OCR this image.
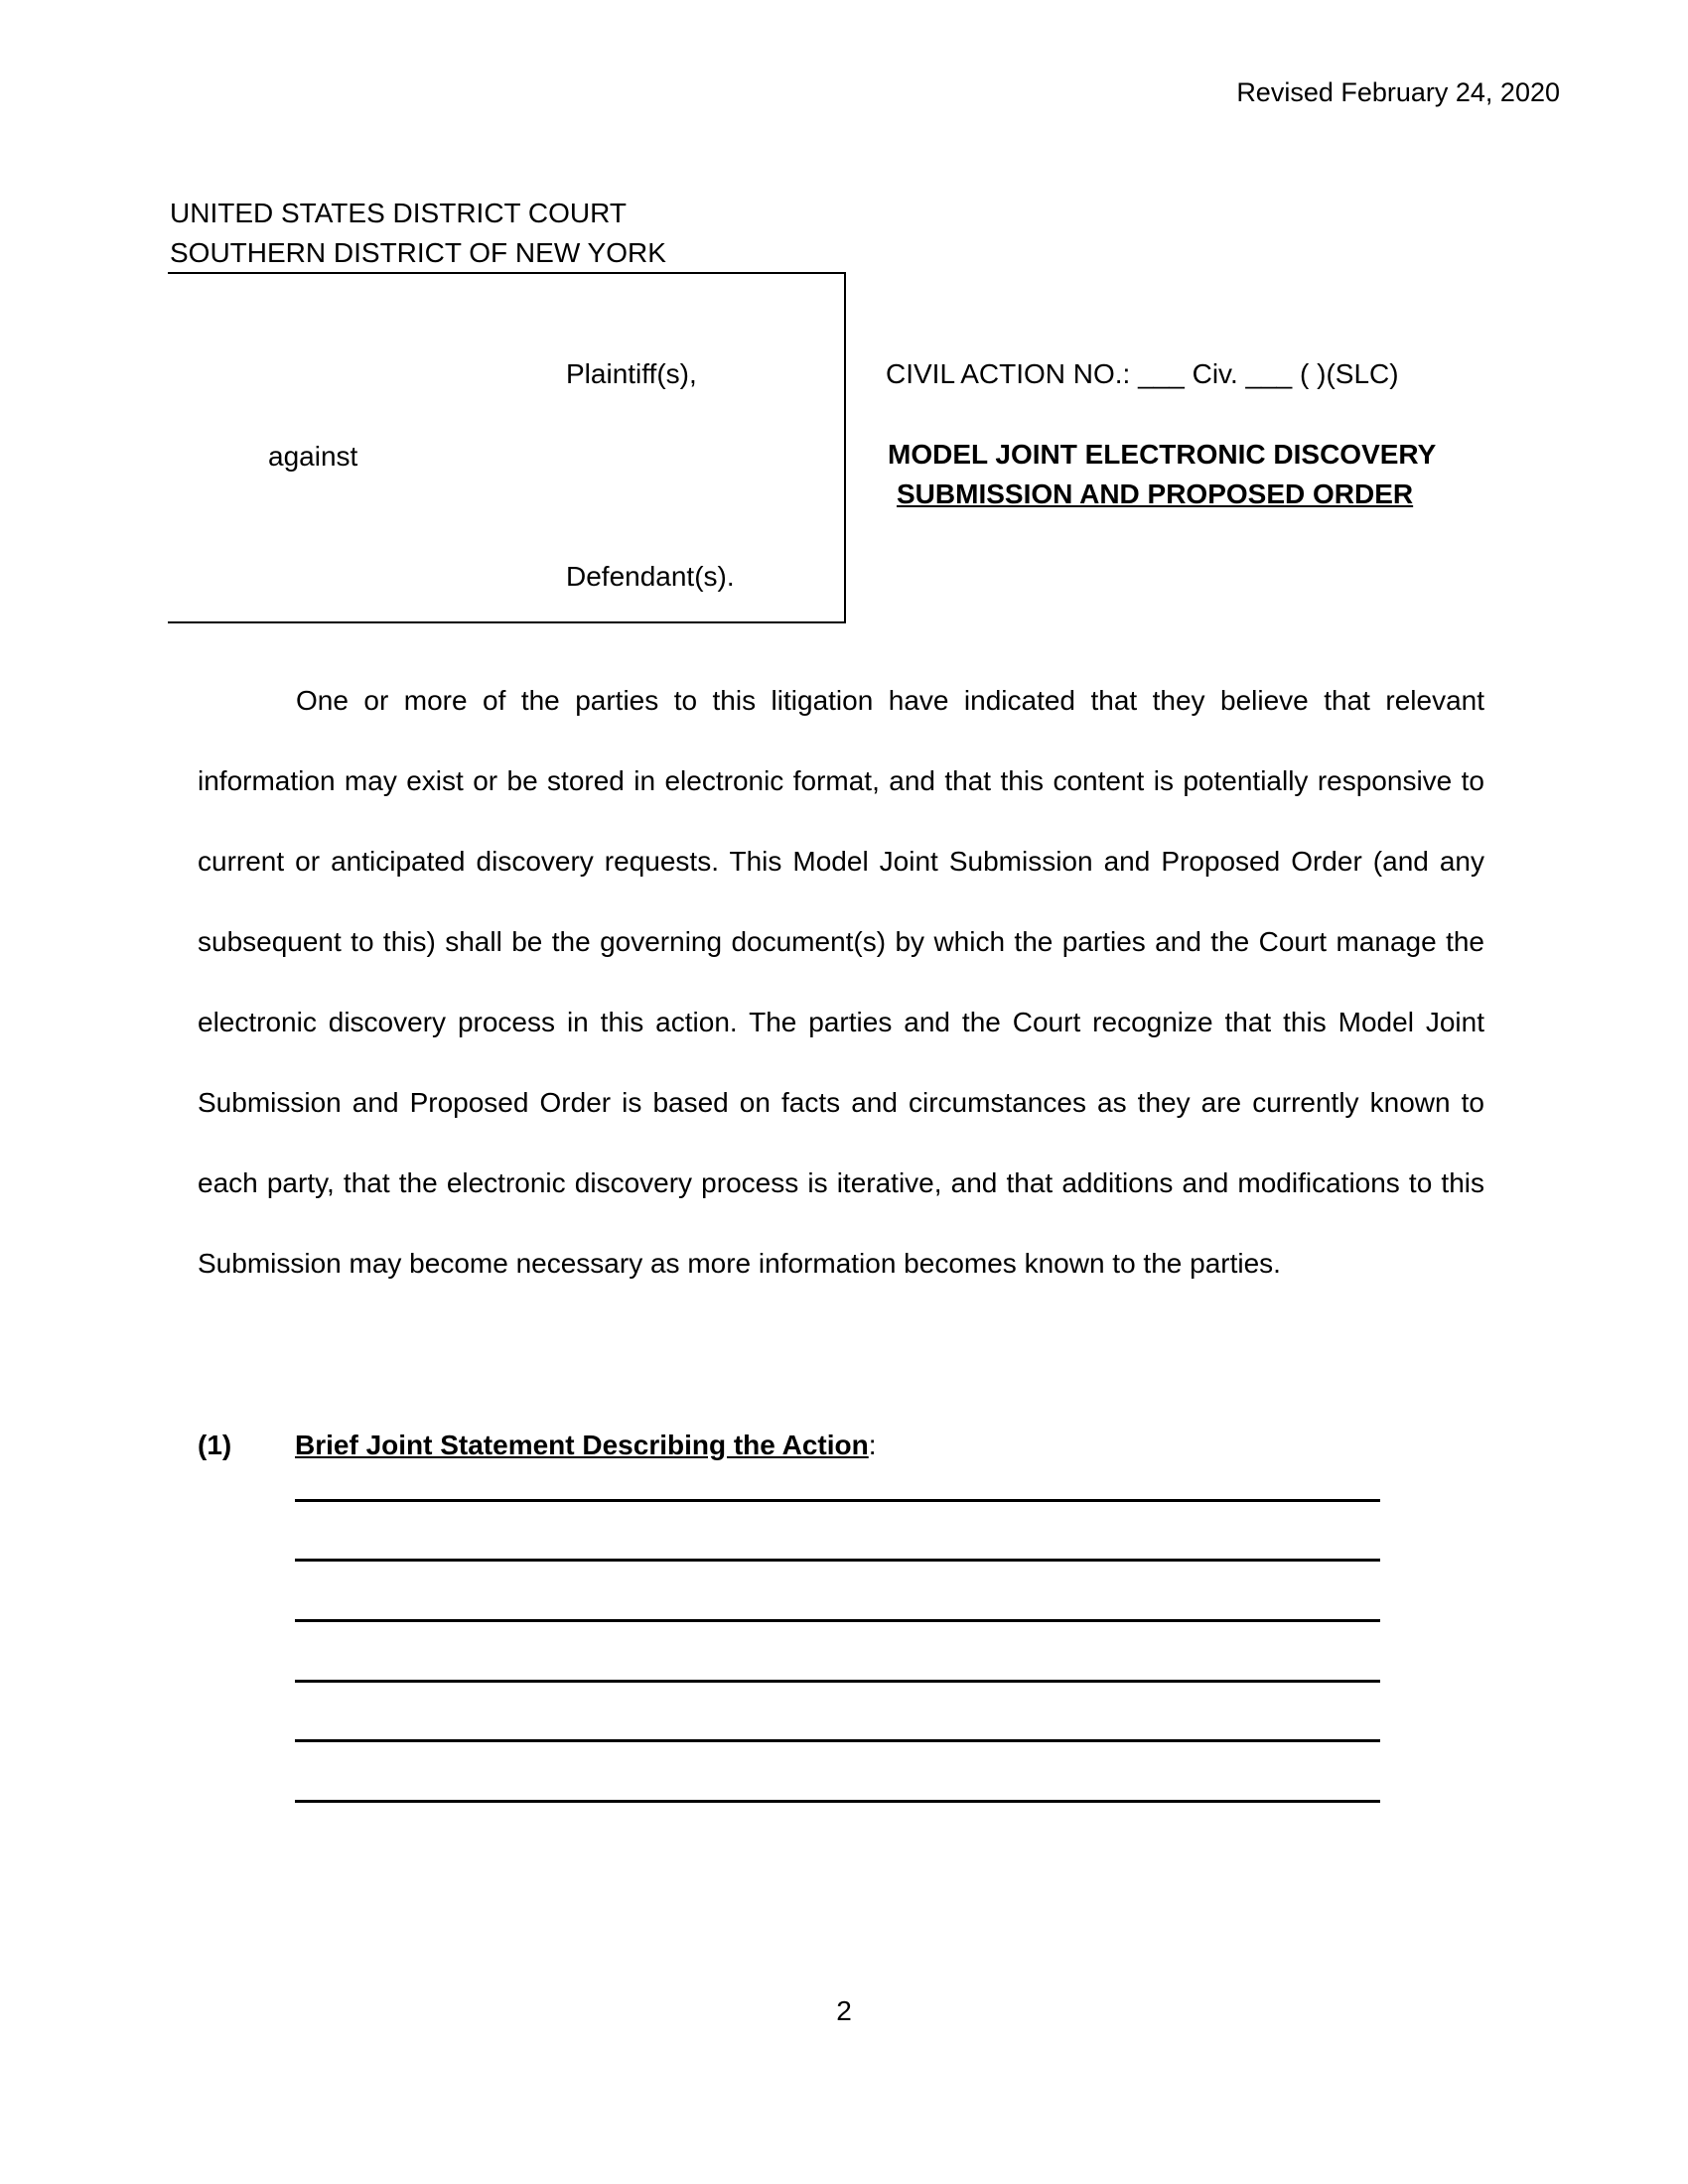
Revised February 24, 2020
UNITED STATES DISTRICT COURT
SOUTHERN DISTRICT OF NEW YORK
Plaintiff(s),
against
Defendant(s).
CIVIL ACTION NO.: ___ Civ. ___ ( )(SLC)
MODEL JOINT ELECTRONIC DISCOVERY
SUBMISSION AND PROPOSED ORDER
One or more of the parties to this litigation have indicated that they believe that relevant information may exist or be stored in electronic format, and that this content is potentially responsive to current or anticipated discovery requests. This Model Joint Submission and Proposed Order (and any subsequent to this) shall be the governing document(s) by which the parties and the Court manage the electronic discovery process in this action. The parties and the Court recognize that this Model Joint Submission and Proposed Order is based on facts and circumstances as they are currently known to each party, that the electronic discovery process is iterative, and that additions and modifications to this Submission may become necessary as more information becomes known to the parties.
(1) Brief Joint Statement Describing the Action:
2
